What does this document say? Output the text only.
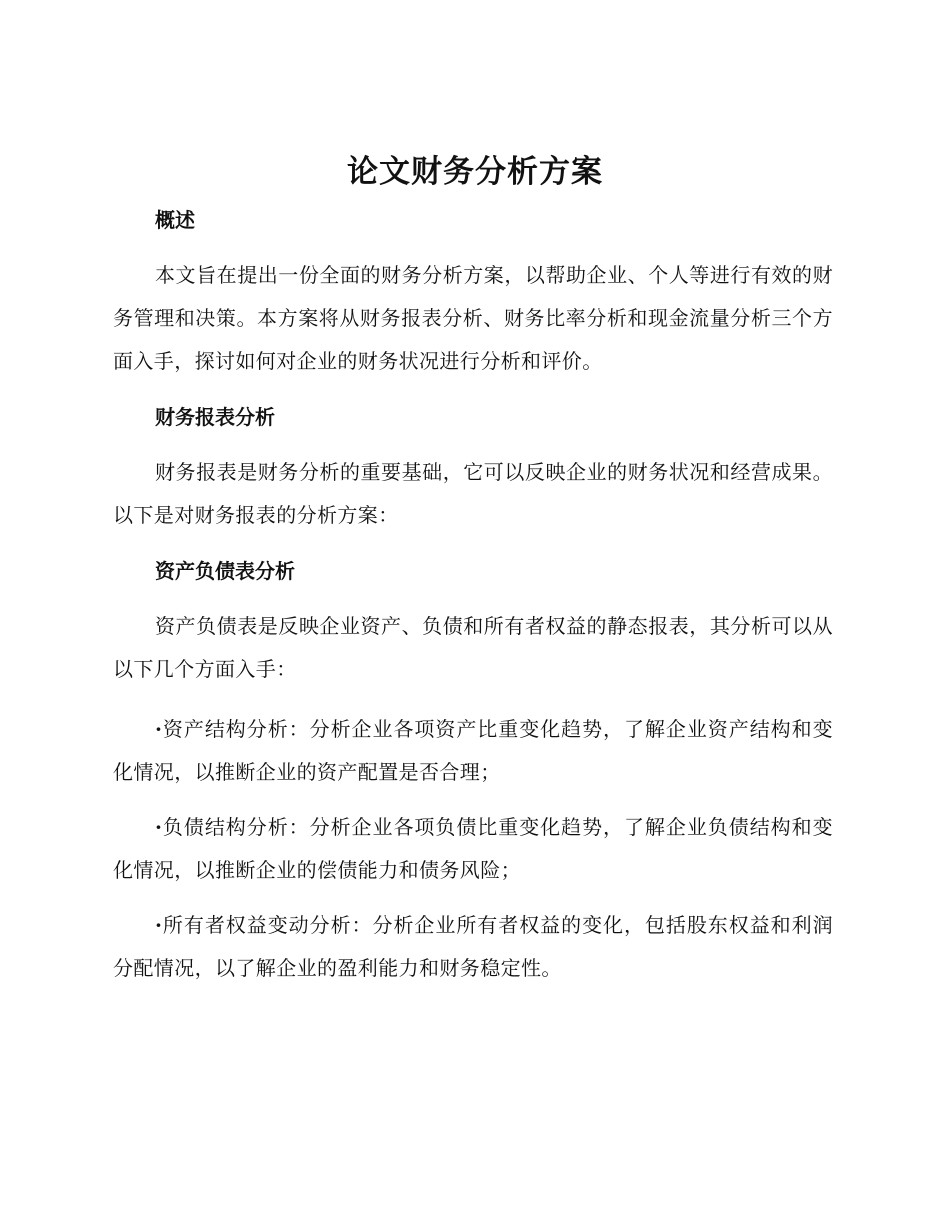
论文财务分析方案
概述

本文旨在提出一份全面的财务分析方案，以帮助企业、个人等进行有效的财务管理和决策。本方案将从财务报表分析、财务比率分析和现金流量分析三个方面入手，探讨如何对企业的财务状况进行分析和评价。

财务报表分析

财务报表是财务分析的重要基础，它可以反映企业的财务状况和经营成果。以下是对财务报表的分析方案：

资产负债表分析

资产负债表是反映企业资产、负债和所有者权益的静态报表，其分析可以从以下几个方面入手：

·资产结构分析：分析企业各项资产比重变化趋势，了解企业资产结构和变化情况，以推断企业的资产配置是否合理；

·负债结构分析：分析企业各项负债比重变化趋势，了解企业负债结构和变化情况，以推断企业的偿债能力和债务风险；

·所有者权益变动分析：分析企业所有者权益的变化，包括股东权益和利润分配情况，以了解企业的盈利能力和财务稳定性。
